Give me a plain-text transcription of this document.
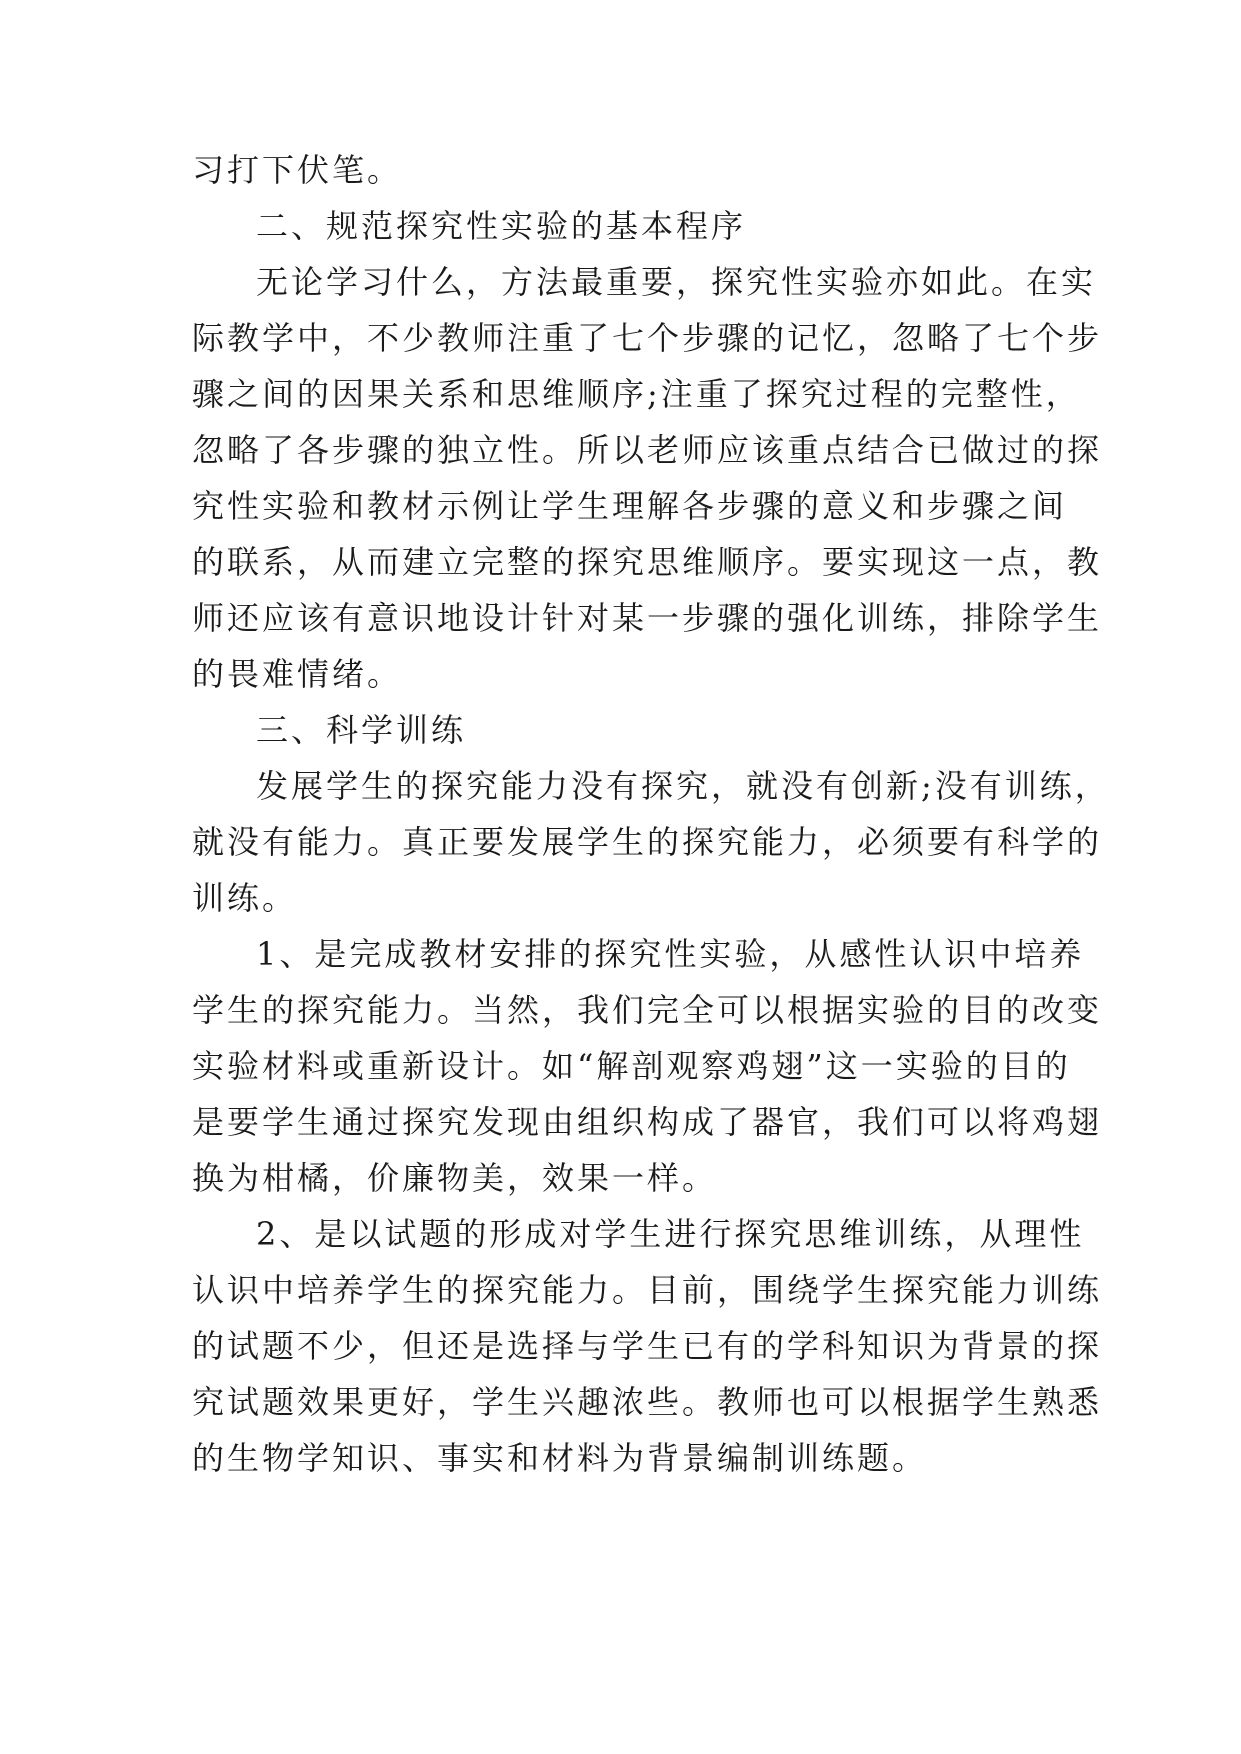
习打下伏笔。
二、规范探究性实验的基本程序
无论学习什么，方法最重要，探究性实验亦如此。在实
际教学中，不少教师注重了七个步骤的记忆，忽略了七个步
骤之间的因果关系和思维顺序;注重了探究过程的完整性，
忽略了各步骤的独立性。所以老师应该重点结合已做过的探
究性实验和教材示例让学生理解各步骤的意义和步骤之间
的联系，从而建立完整的探究思维顺序。要实现这一点，教
师还应该有意识地设计针对某一步骤的强化训练，排除学生
的畏难情绪。
三、科学训练
发展学生的探究能力没有探究，就没有创新;没有训练，
就没有能力。真正要发展学生的探究能力，必须要有科学的
训练。
1、是完成教材安排的探究性实验，从感性认识中培养
学生的探究能力。当然，我们完全可以根据实验的目的改变
实验材料或重新设计。如“解剖观察鸡翅”这一实验的目的
是要学生通过探究发现由组织构成了器官，我们可以将鸡翅
换为柑橘，价廉物美，效果一样。
2、是以试题的形成对学生进行探究思维训练，从理性
认识中培养学生的探究能力。目前，围绕学生探究能力训练
的试题不少，但还是选择与学生已有的学科知识为背景的探
究试题效果更好，学生兴趣浓些。教师也可以根据学生熟悉
的生物学知识、事实和材料为背景编制训练题。
